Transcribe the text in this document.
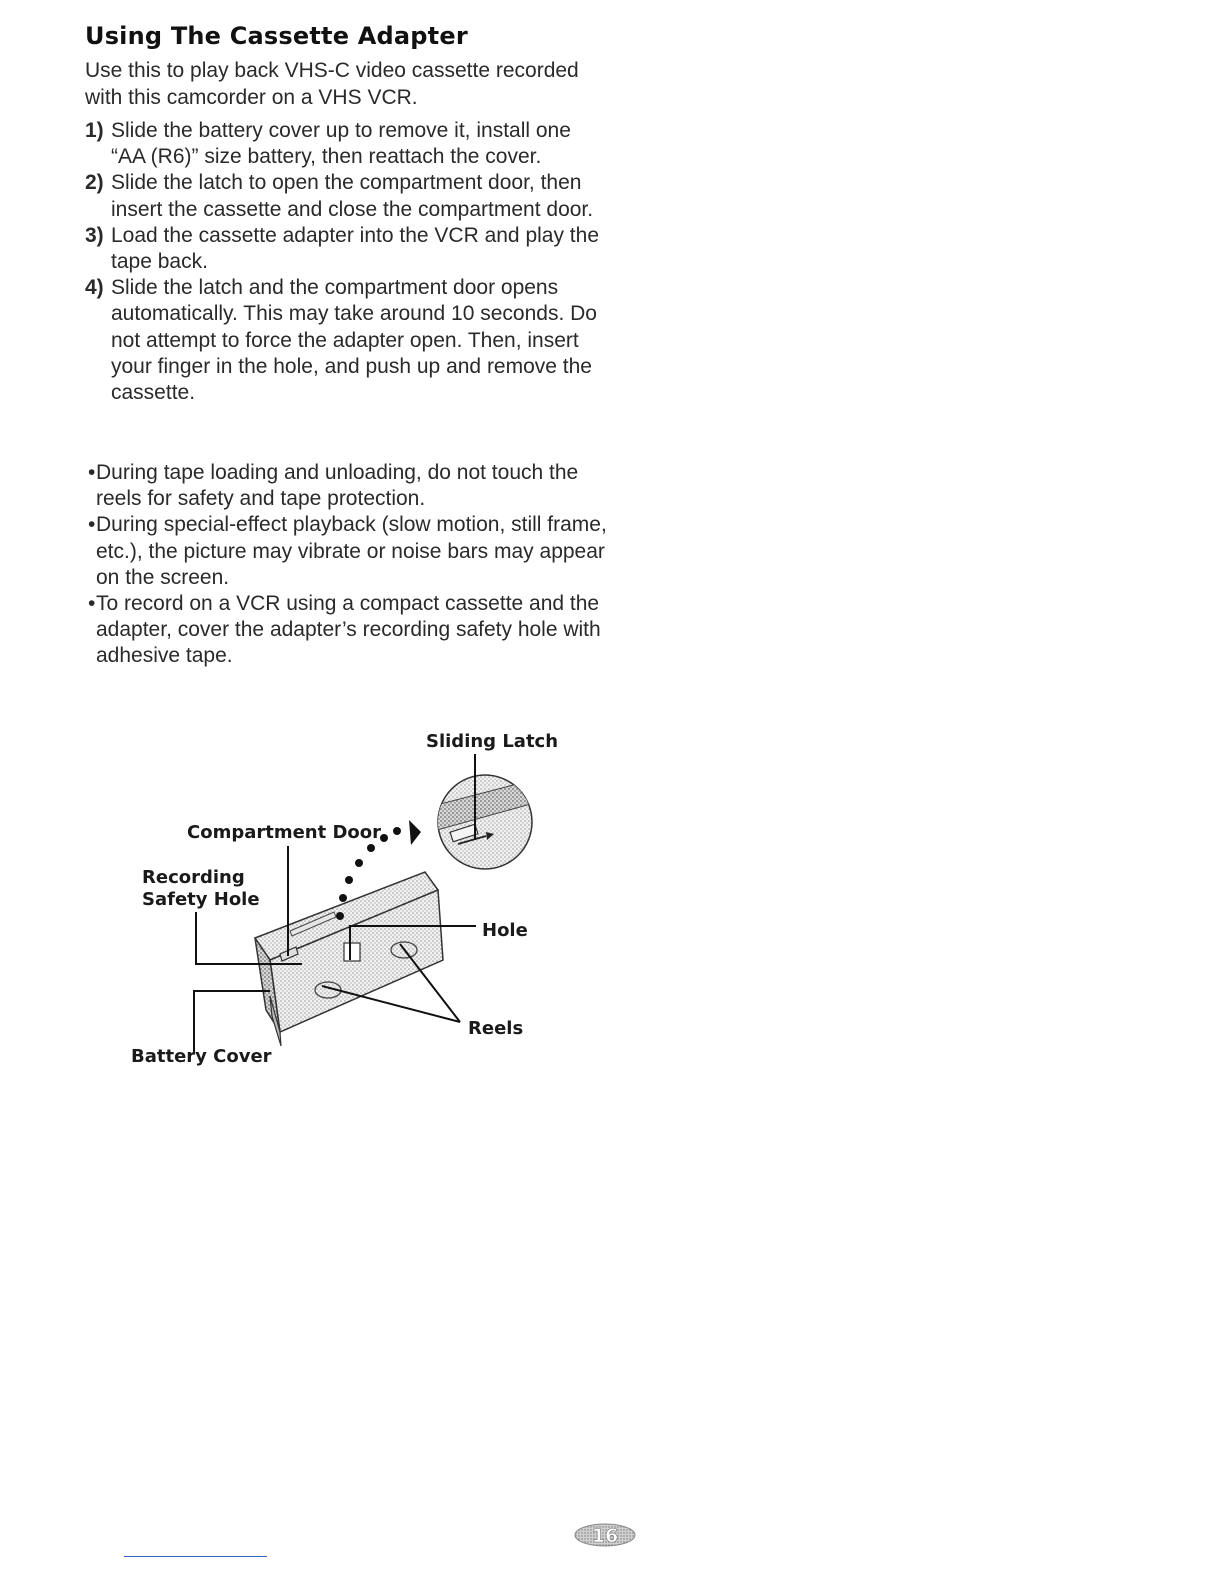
Using The Cassette Adapter

Use this to play back VHS-C video cassette recorded with this camcorder on a VHS VCR.

1) Slide the battery cover up to remove it, install one “AA (R6)” size battery, then reattach the cover.
2) Slide the latch to open the compartment door, then insert the cassette and close the compartment door.
3) Load the cassette adapter into the VCR and play the tape back.
4) Slide the latch and the compartment door opens automatically. This may take around 10 seconds. Do not attempt to force the adapter open. Then, insert your finger in the hole, and push up and remove the cassette.
• During tape loading and unloading, do not touch the reels for safety and tape protection.
• During special-effect playback (slow motion, still frame, etc.), the picture may vibrate or noise bars may appear on the screen.
• To record on a VCR using a compact cassette and the adapter, cover the adapter’s recording safety hole with adhesive tape.
Sliding Latch
Compartment Door
Recording
Safety Hole
Hole
Reels
Battery Cover
16
